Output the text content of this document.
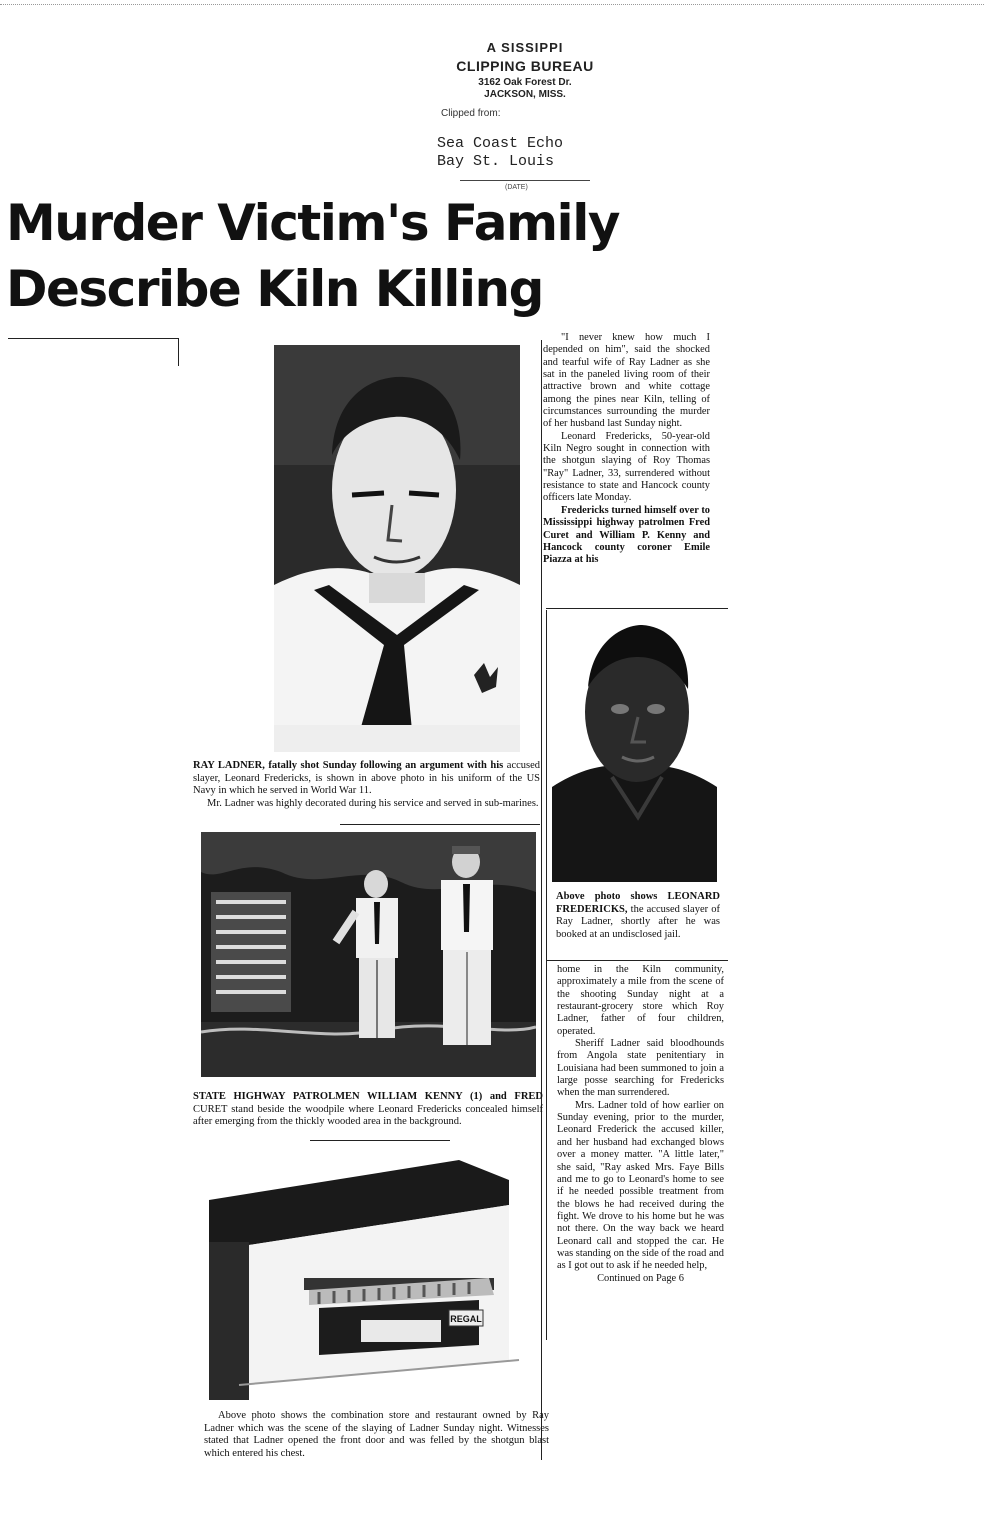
A SISSIPPI
CLIPPING BUREAU
3162 Oak Forest Dr.
JACKSON, MISS.
Clipped from:
Sea Coast Echo
Bay St. Louis
(DATE)
Murder Victim's Family
Describe Kiln Killing

RAY LADNER, fatally shot Sunday following an argument with his accused slayer, Leonard Fredericks, is shown in above photo in his uniform of the US Navy in which he served in World War 11.

Mr. Ladner was highly decorated during his service and served in sub-marines.

STATE HIGHWAY PATROLMEN WILLIAM KENNY (1) and FRED CURET stand beside the woodpile where Leonard Fredericks concealed himself after emerging from the thickly wooded area in the background.

REGAL

Above photo shows the combination store and restaurant owned by Ray Ladner which was the scene of the slaying of Ladner Sunday night. Witnesses stated that Ladner opened the front door and was felled by the shotgun blast which entered his chest.

Above photo shows LEONARD FREDERICKS, the accused slayer of Ray Ladner, shortly after he was booked at an undisclosed jail.

"I never knew how much I depended on him", said the shocked and tearful wife of Ray Ladner as she sat in the paneled living room of their attractive brown and white cottage among the pines near Kiln, telling of circumstances surrounding the murder of her husband last Sunday night.

Leonard Fredericks, 50-year-old Kiln Negro sought in connection with the shotgun slaying of Roy Thomas "Ray" Ladner, 33, surrendered without resistance to state and Hancock county officers late Monday.

Fredericks turned himself over to Mississippi highway patrolmen Fred Curet and William P. Kenny and Hancock county coroner Emile Piazza at his

home in the Kiln community, approximately a mile from the scene of the shooting Sunday night at a restaurant-grocery store which Roy Ladner, father of four children, operated.

Sheriff Ladner said bloodhounds from Angola state penitentiary in Louisiana had been summoned to join a large posse searching for Fredericks when the man surrendered.

Mrs. Ladner told of how earlier on Sunday evening, prior to the murder, Leonard Frederick the accused killer, and her husband had exchanged blows over a money matter. "A little later," she said, "Ray asked Mrs. Faye Bills and me to go to Leonard's home to see if he needed possible treatment from the blows he had received during the fight. We drove to his home but he was not there. On the way back we heard Leonard call and stopped the car. He was standing on the side of the road and as I got out to ask if he needed help,

Continued on Page 6
